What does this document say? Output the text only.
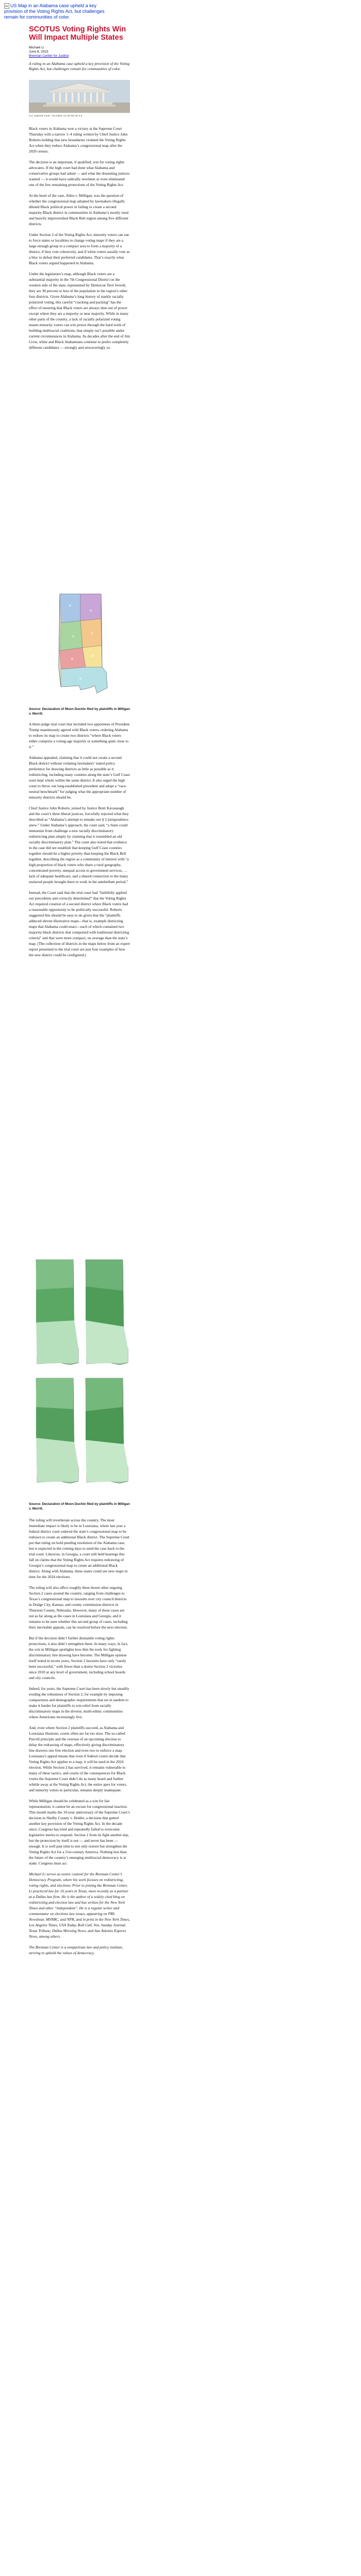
US Map in an Alabama case upheld a key provision of the Voting Rights Act, but challenges remain for communities of color.
SCOTUS Voting Rights Win Will Impact Multiple States
Michael Li
June 8, 2023
Brennan Center for Justice
A ruling in an Alabama case upheld a key provision of the Voting Rights Act, but challenges remain for communities of color.
U.S. Supreme Court – by Author; CC BY-NC-SA 2.0

Black voters in Alabama won a victory at the Supreme Court Thursday with a narrow 5–4 ruling written by Chief Justice John Roberts holding that new boundaries violated the Voting Rights Act when they reduce Alabama’s congressional map after the 2020 census.

The decision is an important, if qualified, win for voting rights advocates. If the high court had done what Alabama and conservative groups had asked — and what the dissenting justices wanted — it would have radically rewritten or even eliminated one of the few remaining protections of the Voting Rights Act.

At the heart of the case, Allen v. Milligan, was the question of whether the congressional map adopted by lawmakers illegally diluted Black political power in failing to create a second majority-Black district in communities in Alabama’s mostly rural and heavily impoverished Black Belt region among five different districts.

Under Section 2 of the Voting Rights Act, minority voters can sue to force states or localities to change voting maps if they are a large enough group in a compact area to form a majority of a district, if they vote cohesively, and if white voters usually vote as a bloc to defeat their preferred candidates. That’s exactly what Black voters argued happened in Alabama.

Under the legislature’s map, although Black voters are a substantial majority in the 7th Congressional District on the western side of the state, represented by Democrat Terri Sewell, they are 30 percent or less of the population in the region’s other four districts. Given Alabama’s long history of starkly racially polarized voting, this careful “cracking and packing” has the effect of ensuring that Black voters are always shut out of power except where they are a majority or near majority. While in many other parts of the country, a lack of racially polarized voting means minority voters can win power through the hard work of building multiracial coalitions, that simply isn’t possible under current circumstances in Alabama. Its decades after the end of Jim Crow, white and Black Alabamians continue to prefer completely different candidates — strongly and unwaveringly so.

Source: Declaration of Moon Duchin filed by plaintiffs in Milligan v. Merrill.

A three-judge trial court that included two appointees of President Trump unanimously agreed with Black voters, ordering Alabama to redraw its map to create two districts “where Black voters either comprise a voting-age majority or something quite close to it.”

Alabama appealed, claiming that it could not create a second Black district without violating lawmakers’ stated policy preference for drawing districts as little as possible as it redistricting, including many counties along the state’s Gulf Coast were kept whole within the same district. It also urged the high court to throw out long-established precedent and adopt a “race-neutral benchmark” for judging what the appropriate number of minority districts should be.

Chief Justice John Roberts, joined by Justice Brett Kavanaugh and the court’s three liberal justices, forcefully rejected what they described as “Alabama’s attempt to remake our § 2 jurisprudence anew.” Under Alabama’s approach, the court said, “a State could immunize from challenge a new racially discriminatory redistricting plan simply by claiming that it resembled an old racially discriminatory plan.” The court also noted that evidence in the case did not establish that keeping Gulf Coast counties together should be a higher priority than keeping the Black Belt together, describing the region as a community of interest with “a high proportion of black voters who share a rural geography, concentrated poverty, unequal access to government services, … lack of adequate healthcare, and a shared connection to the many enslaved people brought there to work in the antebellum period.”

Instead, the Court said that the trial court had “faithfully applied our precedents and correctly determined” that the Voting Rights Act required creation of a second district where Black voters had a reasonable opportunity to be politically successful. Roberts suggested this should be easy to do given that the “plaintiffs adduced eleven illustrative maps—that is, example districting maps that Alabama could enact—each of which contained two majority-black districts that comported with traditional districting criteria” and that were more compact, on average than the state’s map. (The collection of districts in the maps below from an expert report presented to the trial court are just four examples of how the new district could be configured.)

Source: Declaration of Moon Duchin filed by plaintiffs in Milligan v. Merrill.

The ruling will reverberate across the country. The most immediate impact is likely to be in Louisiana, where last year a federal district court ordered the state’s congressional map to be redrawn to create an additional Black district. The Supreme Court put that ruling on hold pending resolution of the Alabama case, but is expected in the coming days to send the case back to the trial court. Likewise, in Georgia, a court still held hearings this fall on claims that the Voting Rights Act requires redrawing of Georgia’s congressional map to create an additional Black district. Along with Alabama, these states could see new maps in time for the 2024 elections.

The ruling will also affect roughly three dozen other ongoing Section 2 cases around the country, ranging from challenges to Texas’s congressional map to lawsuits over city council districts in Dodge City, Kansas, and county commission districts in Thurston County, Nebraska. However, many of these cases are not as far along as the cases in Louisiana and Georgia, and it remains to be seen whether this second group of cases, including their inevitable appeals, can be resolved before the next election.

But if the decision didn’t further dismantle voting rights protections, it also didn’t strengthen them. In many ways, in fact, the win in Milligan spotlights how thin the tools for fighting discriminatory line drawing have become. The Milligan opinion itself noted in recent years, Section 2 lawsuits have only “rarely been successful,” with fewer than a dozen Section 2 victories since 2010 at any level of government, including school boards and city councils.

Indeed, for years, the Supreme Court has been slowly but steadily eroding the robustness of Section 2, for example by imposing compactness and demographic requirements that set in tandem to make it harder for plaintiffs to win relief from racially discriminatory maps in the diverse, multi-ethnic communities where Americans increasingly live.

And, even where Section 2 plaintiffs succeed, as Alabama and Louisiana illustrate, courts often are far too slow. The so-called Purcell principle and the overuse of an upcoming election to delay the redrawing of maps, effectively giving discriminatory line drawers one free election and even two to enforce a map. Louisiana’s appeal means that even if federal courts decide that Voting Rights Act applies to a map, it will be used in the 2024 election. While Section 2 has survived, it remains vulnerable to many of these tactics, and courts of the consequences for Black voters the Supreme Court didn’t do as many heard and further whittle away at the Voting Rights Act, the entire apex for voters, and minority voters in particular, remains deeply inadequate.

While Milligan should be celebrated as a win for fair representation, it cannot be an excuse for congressional inaction. This month marks the 10-year anniversary of the Supreme Court’s decision in Shelby County v. Holder, a decision that gutted another key provision of the Voting Rights Act. In the decade since, Congress has tried and repeatedly failed to overcome legislative inertia to respond. Section 2 from its fight another day, but the protection by itself is not — and never has been — enough. It is well past time to not only restore but strengthen the Voting Rights Act for a 21st-century America. Nothing less than the future of the country’s emerging multiracial democracy is at stake. Congress must act.

Michael Li serves as senior counsel for the Brennan Center’s Democracy Program, where his work focuses on redistricting, voting rights, and elections. Prior to joining the Brennan Center, Li practiced law for 16 years in Texas, most recently as a partner at a Dallas law firm. He is the author of a widely cited blog on redistricting and election law and has written for the New York Times and other “independent”. He is a regular writer and commentator on elections law issues, appearing on PBS Newshour, MSNBC, and NPR, and in print in the New York Times, Los Angeles Times, USA Today, Roll Call, Vox, Sunday Journal, Texas Tribune, Dallas Morning News, and San Antonio Express News, among others.

The Brennan Center is a nonpartisan law and policy institute, striving to uphold the values of democracy.
